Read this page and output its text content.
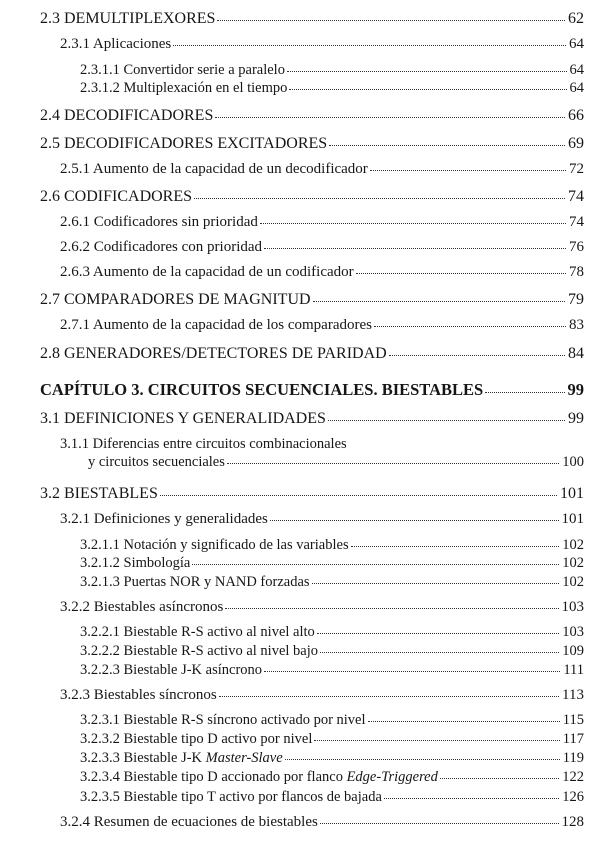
2.3 DEMULTIPLEXORES	62
2.3.1 Aplicaciones	64
2.3.1.1 Convertidor serie a paralelo	64
2.3.1.2 Multiplexación en el tiempo	64
2.4 DECODIFICADORES	66
2.5 DECODIFICADORES EXCITADORES	69
2.5.1 Aumento de la capacidad de un decodificador	72
2.6 CODIFICADORES	74
2.6.1 Codificadores sin prioridad	74
2.6.2 Codificadores con prioridad	76
2.6.3 Aumento de la capacidad de un codificador	78
2.7 COMPARADORES DE MAGNITUD	79
2.7.1 Aumento de la capacidad de los comparadores	83
2.8 GENERADORES/DETECTORES DE PARIDAD	84
CAPÍTULO 3. CIRCUITOS SECUENCIALES. BIESTABLES	99
3.1 DEFINICIONES Y GENERALIDADES	99
3.1.1 Diferencias entre circuitos combinacionales
y circuitos secuenciales	100
3.2 BIESTABLES	101
3.2.1 Definiciones y generalidades	101
3.2.1.1 Notación y significado de las variables	102
3.2.1.2 Simbología	102
3.2.1.3 Puertas NOR y NAND forzadas	102
3.2.2 Biestables asíncronos	103
3.2.2.1 Biestable R-S activo al nivel alto	103
3.2.2.2 Biestable R-S activo al nivel bajo	109
3.2.2.3 Biestable J-K asíncrono	111
3.2.3 Biestables síncronos	113
3.2.3.1 Biestable R-S síncrono activado por nivel	115
3.2.3.2 Biestable tipo D activo por nivel	117
3.2.3.3 Biestable J-K Master-Slave	119
3.2.3.4 Biestable tipo D accionado por flanco Edge-Triggered	122
3.2.3.5 Biestable tipo T activo por flancos de bajada	126
3.2.4 Resumen de ecuaciones de biestables	128
